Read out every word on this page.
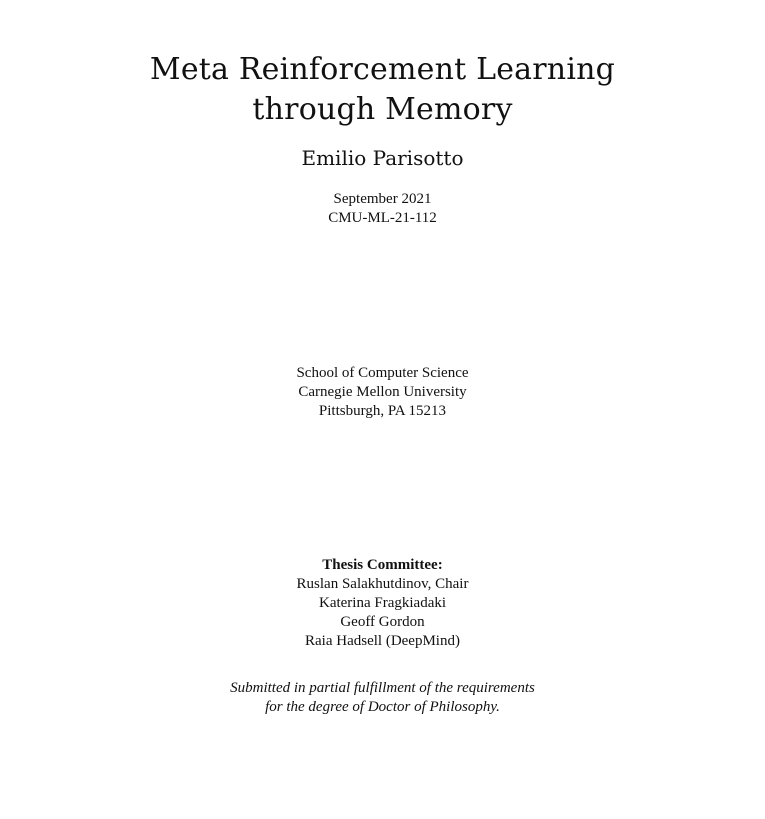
Meta Reinforcement Learning
through Memory
Emilio Parisotto
September 2021
CMU-ML-21-112
School of Computer Science
Carnegie Mellon University
Pittsburgh, PA 15213
Thesis Committee:
Ruslan Salakhutdinov, Chair
Katerina Fragkiadaki
Geoff Gordon
Raia Hadsell (DeepMind)
Submitted in partial fulfillment of the requirements
for the degree of Doctor of Philosophy.
